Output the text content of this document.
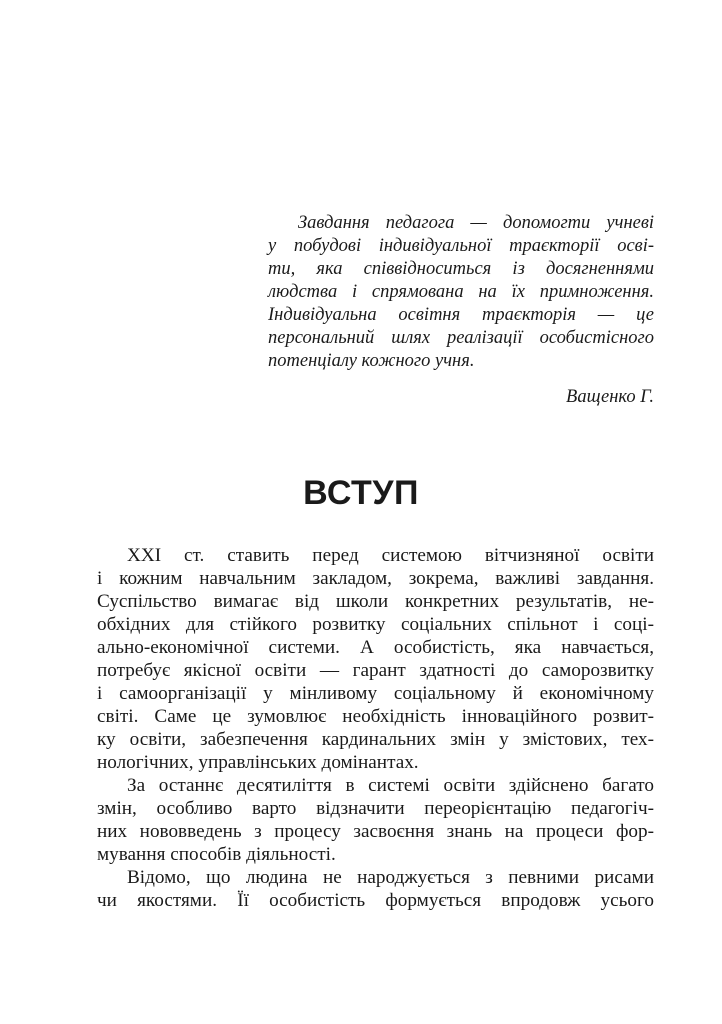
Завдання педагога — допомогти учневі
у побудові індивідуальної траєкторії осві-
ти, яка співвідноситься із досягненнями
людства і спрямована на їх примноження.
Індивідуальна освітня траєкторія — це
персональний шлях реалізації особистісного
потенціалу кожного учня.
Ващенко Г.
ВСТУП
XXI ст. ставить перед системою вітчизняної освіти
і кожним навчальним закладом, зокрема, важливі завдання.
Суспільство вимагає від школи конкретних результатів, не-
обхідних для стійкого розвитку соціальних спільнот і соці-
ально-економічної системи. А особистість, яка навчається,
потребує якісної освіти — гарант здатності до саморозвитку
і самоорганізації у мінливому соціальному й економічному
світі. Саме це зумовлює необхідність інноваційного розвит-
ку освіти, забезпечення кардинальних змін у змістових, тех-
нологічних, управлінських домінантах.
За останнє десятиліття в системі освіти здійснено багато
змін, особливо варто відзначити переорієнтацію педагогіч-
них нововведень з процесу засвоєння знань на процеси фор-
мування способів діяльності.
Відомо, що людина не народжується з певними рисами
чи якостями. Її особистість формується впродовж усього
